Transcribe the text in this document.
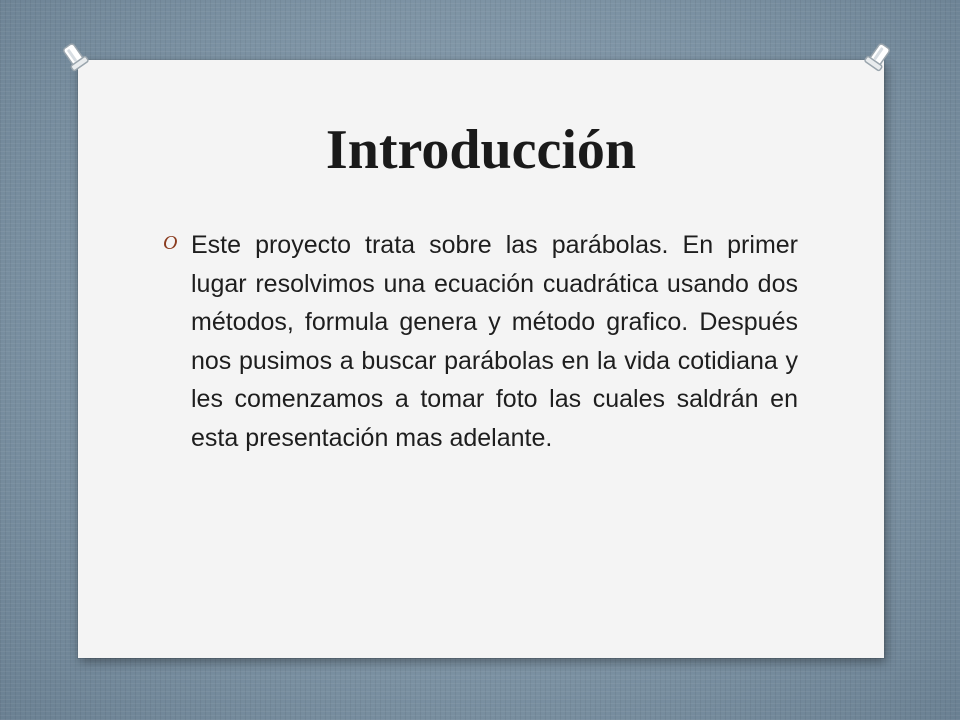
Introducción
O Este proyecto trata sobre las parábolas. En primer lugar resolvimos una ecuación cuadrática usando dos métodos, formula genera y método grafico. Después nos pusimos a buscar parábolas en la vida cotidiana y les comenzamos a tomar foto las cuales saldrán en esta presentación mas adelante.
